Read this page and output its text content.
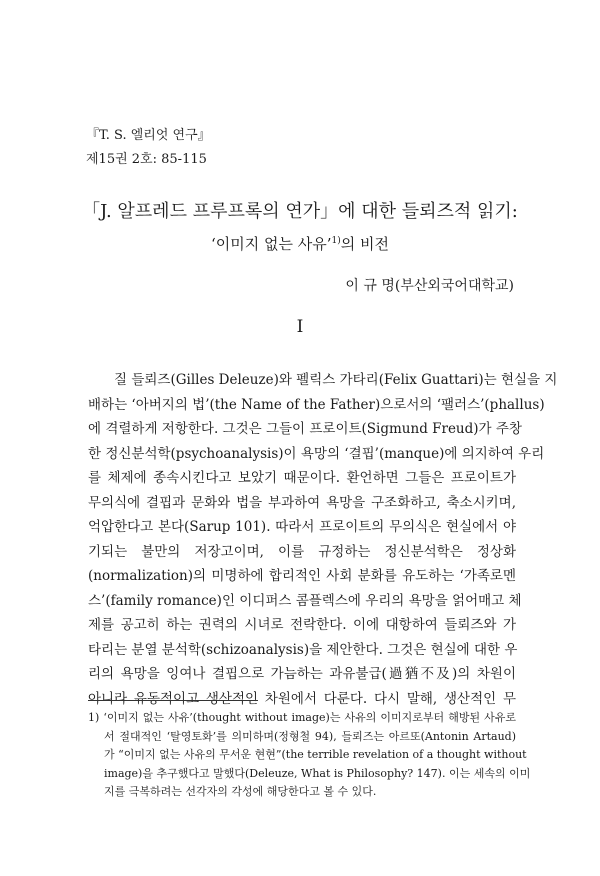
『T. S. 엘리엇 연구』
제15권 2호: 85-115
「J. 알프레드 프루프록의 연가」에 대한 들뢰즈적 읽기:
‘이미지 없는 사유’$^{1)}$의 비전
이 규 명(부산외국어대학교)
I
질 들뢰즈(Gilles Deleuze)와 펠릭스 가타리(Felix Guattari)는 현실을 지
배하는 ‘아버지의 법’(the Name of the Father)으로서의 ‘팰러스’(phallus)
에 격렬하게 저항한다. 그것은 그들이 프로이트(Sigmund Freud)가 주창
한 정신분석학(psychoanalysis)이 욕망의 ‘결핍’(manque)에 의지하여 우리
를 체제에 종속시킨다고 보았기 때문이다. 환언하면 그들은 프로이트가
무의식에 결핍과 문화와 법을 부과하여 욕망을 구조화하고, 축소시키며,
억압한다고 본다(Sarup 101). 따라서 프로이트의 무의식은 현실에서 야
기되는 불만의 저장고이며, 이를 규정하는 정신분석학은 정상화
(normalization)의 미명하에 합리적인 사회 분화를 유도하는 ‘가족로멘
스’(family romance)인 이디퍼스 콤플렉스에 우리의 욕망을 얽어매고 체
제를 공고히 하는 권력의 시녀로 전락한다. 이에 대항하여 들뢰즈와 가
타리는 분열 분석학(schizoanalysis)을 제안한다. 그것은 현실에 대한 우
리의 욕망을 잉여나 결핍으로 가늠하는 과유불급(過猶不及)의 차원이
아니라 유동적이고 생산적인 차원에서 다룬다. 다시 말해, 생산적인 무
1) ‘이미지 없는 사유’(thought without image)는 사유의 이미지로부터 해방된 사유로
서 절대적인 ‘탈영토화’를 의미하며(정형철 94), 들뢰즈는 아르또(Antonin Artaud)
가 “이미지 없는 사유의 무서운 현현”(the terrible revelation of a thought without
image)을 추구했다고 말했다(Deleuze, What is Philosophy? 147). 이는 세속의 이미
지를 극복하려는 선각자의 각성에 해당한다고 볼 수 있다.
